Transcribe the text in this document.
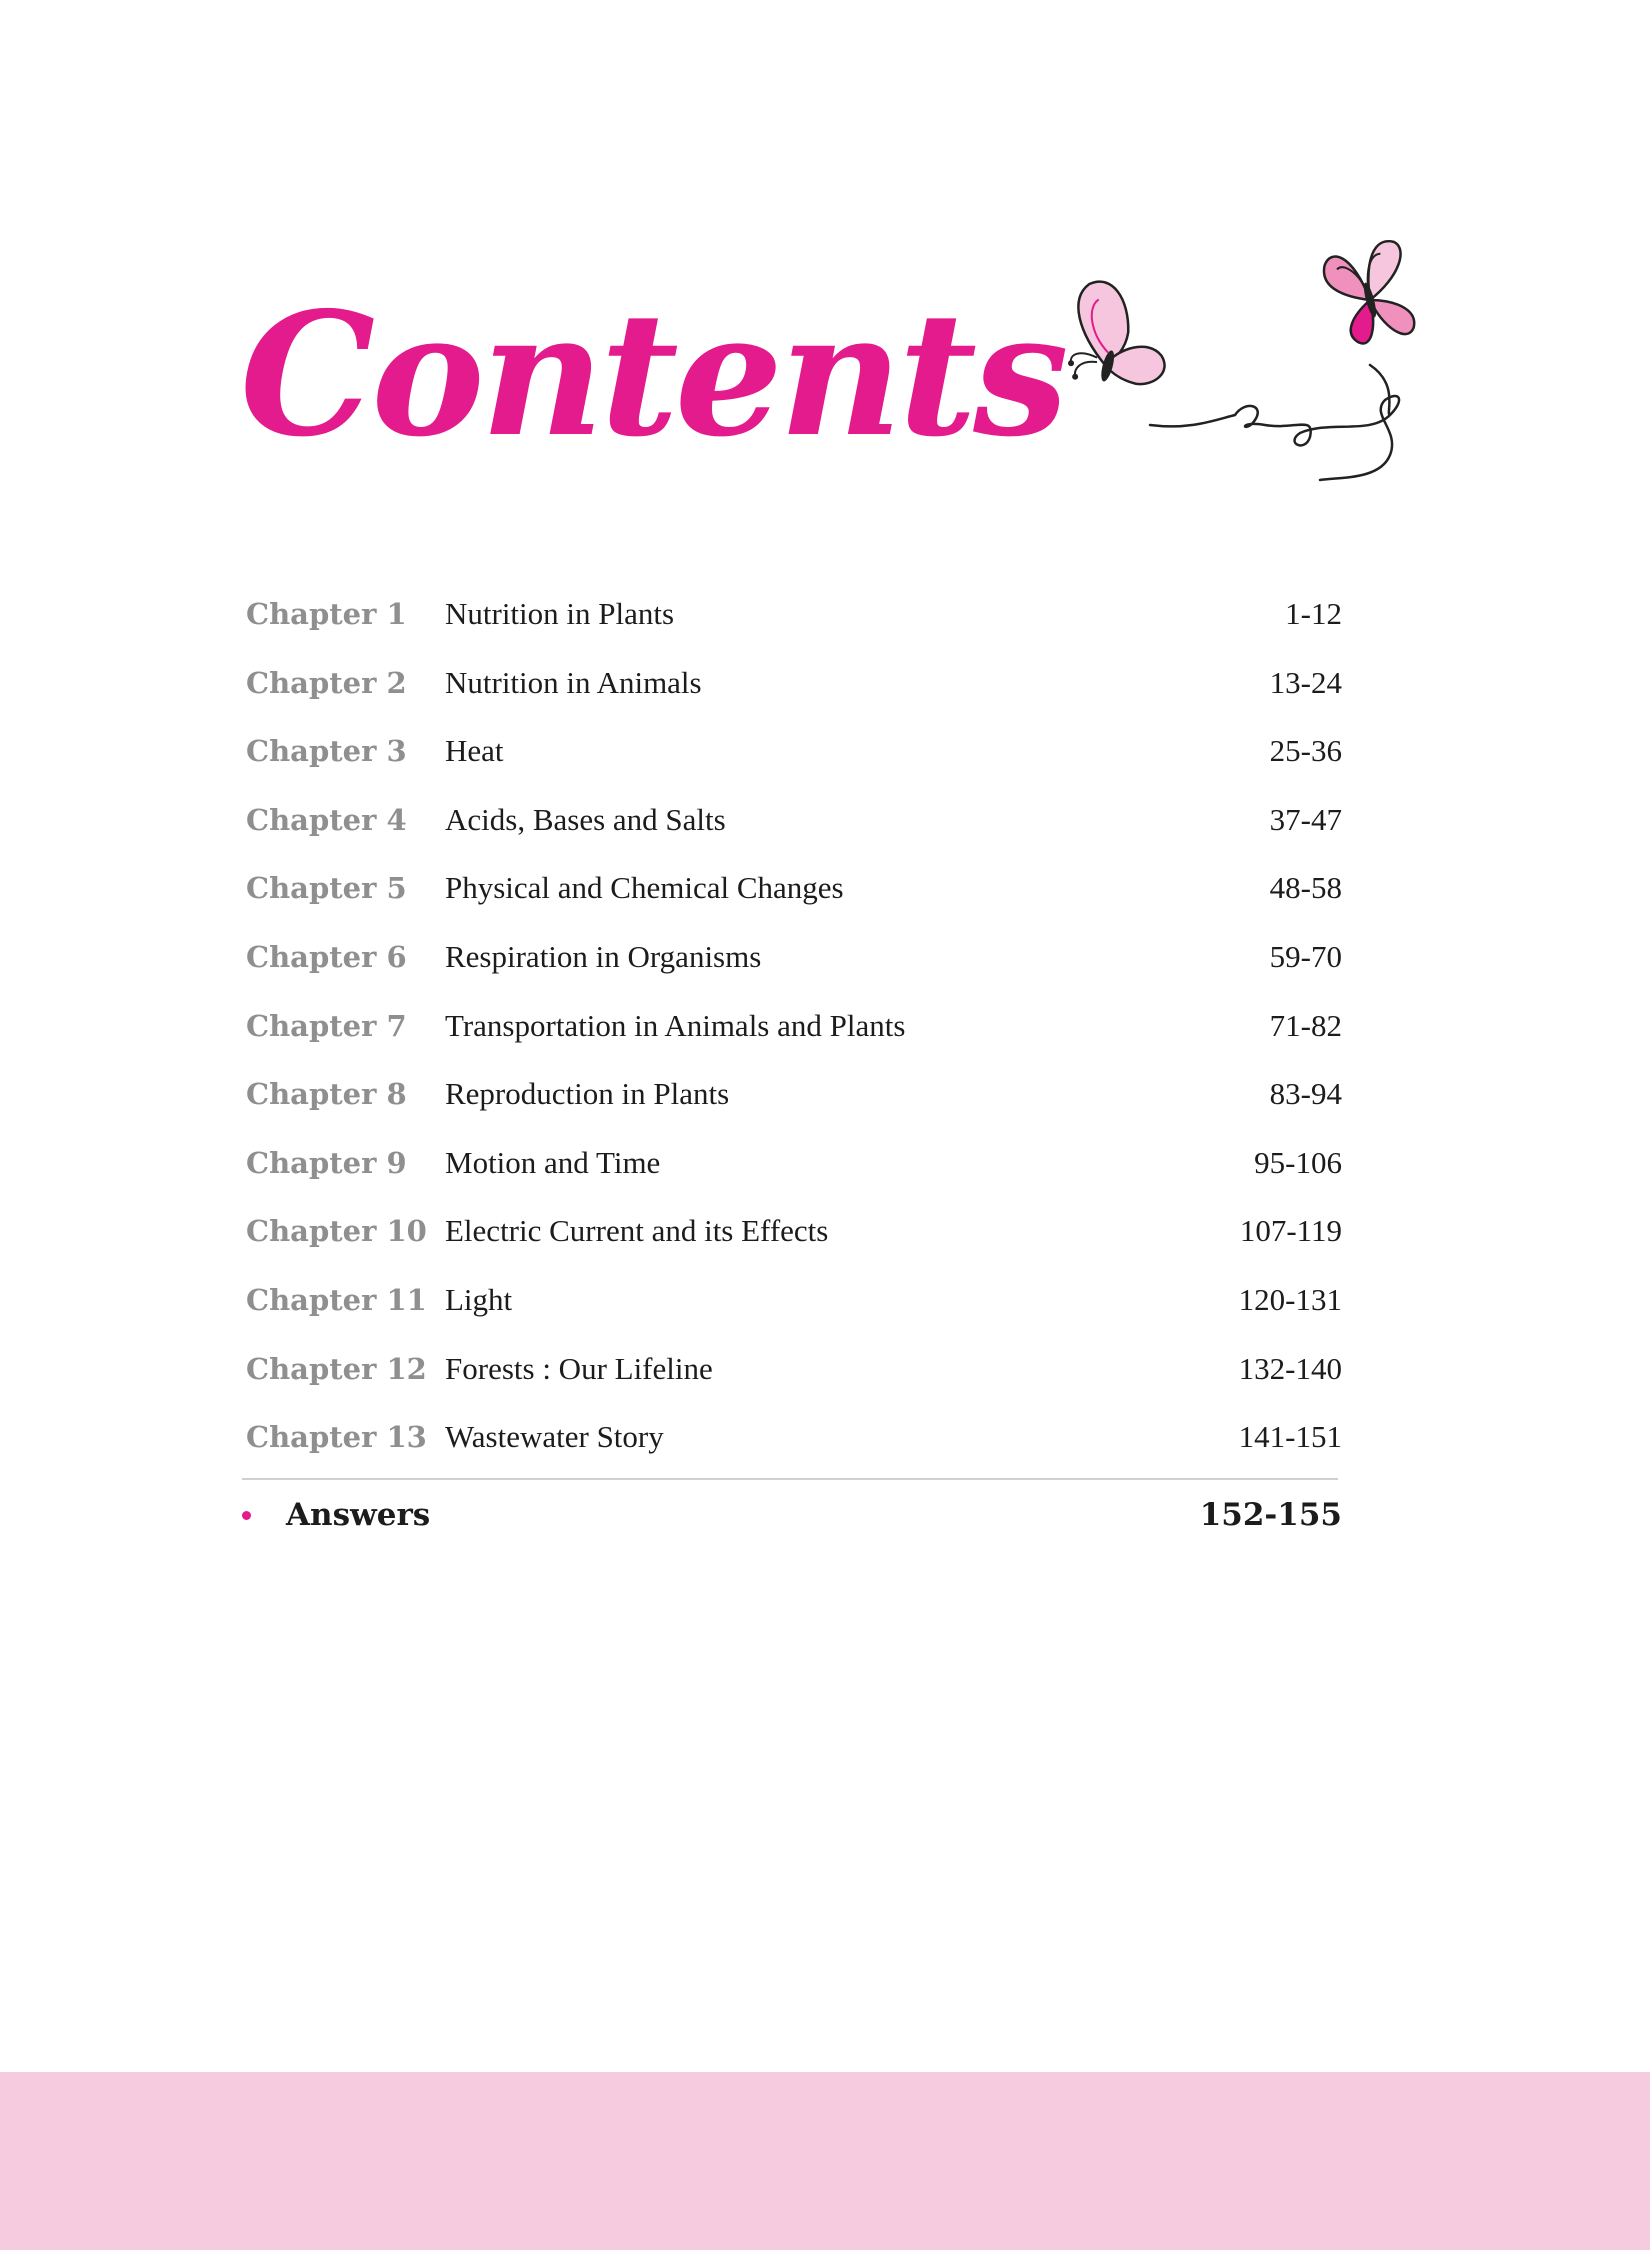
Contents
Chapter 1 Nutrition in Plants	1-12
Chapter 2 Nutrition in Animals	13-24
Chapter 3 Heat	25-36
Chapter 4 Acids, Bases and Salts	37-47
Chapter 5 Physical and Chemical Changes	48-58
Chapter 6 Respiration in Organisms	59-70
Chapter 7 Transportation in Animals and Plants	71-82
Chapter 8 Reproduction in Plants	83-94
Chapter 9 Motion and Time	95-106
Chapter 10 Electric Current and its Effects	107-119
Chapter 11 Light	120-131
Chapter 12 Forests : Our Lifeline	132-140
Chapter 13 Wastewater Story	141-151
Answers	152-155
